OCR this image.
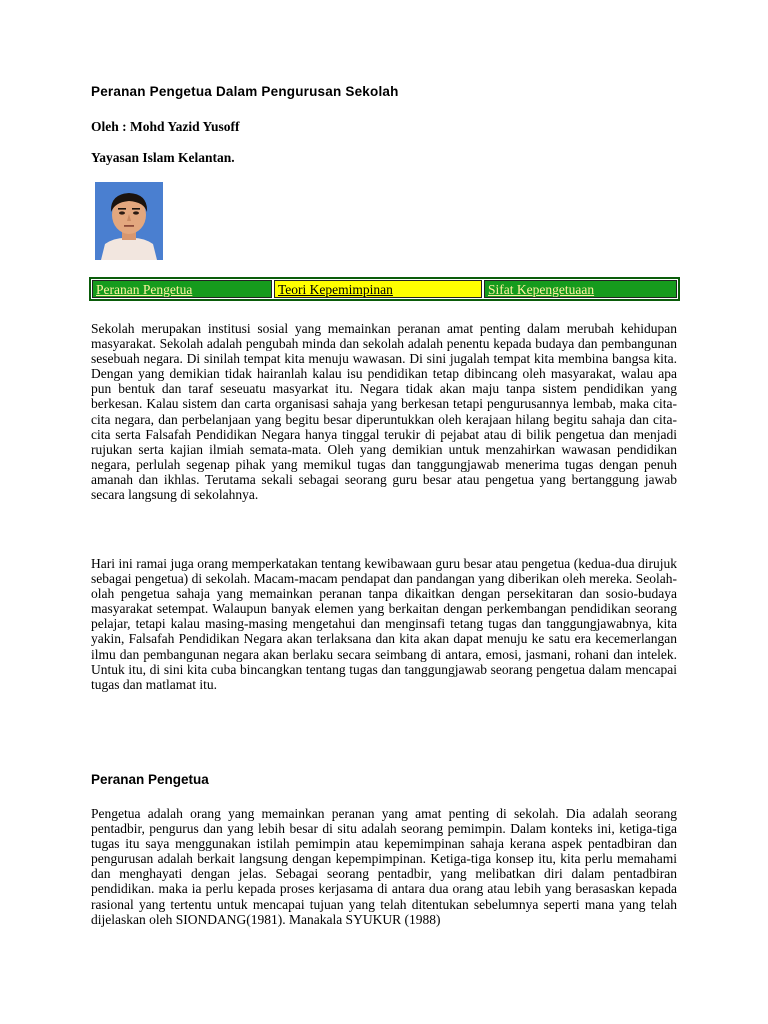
Peranan Pengetua Dalam Pengurusan Sekolah
Oleh : Mohd Yazid Yusoff
Yayasan Islam Kelantan.
Peranan Pengetua	Teori Kepemimpinan	Sifat Kepengetuaan
Sekolah merupakan institusi sosial yang memainkan peranan amat penting dalam merubah kehidupan masyarakat. Sekolah adalah pengubah minda dan sekolah adalah penentu kepada budaya dan pembangunan sesebuah negara. Di sinilah tempat kita menuju wawasan. Di sini jugalah tempat kita membina bangsa kita. Dengan yang demikian tidak hairanlah kalau isu pendidikan tetap dibincang oleh masyarakat, walau apa pun bentuk dan taraf seseuatu masyarkat itu. Negara tidak akan maju tanpa sistem pendidikan yang berkesan. Kalau sistem dan carta organisasi sahaja yang berkesan tetapi pengurusannya lembab, maka cita-cita negara, dan perbelanjaan yang begitu besar diperuntukkan oleh kerajaan hilang begitu sahaja dan cita-cita serta Falsafah Pendidikan Negara hanya tinggal terukir di pejabat atau di bilik pengetua dan menjadi rujukan serta kajian ilmiah semata-mata. Oleh yang demikian untuk menzahirkan wawasan pendidikan negara, perlulah segenap pihak yang memikul tugas dan tanggungjawab menerima tugas dengan penuh amanah dan ikhlas. Terutama sekali sebagai seorang guru besar atau pengetua yang bertanggung jawab secara langsung di sekolahnya.
Hari ini ramai juga orang memperkatakan tentang kewibawaan guru besar atau pengetua (kedua-dua dirujuk sebagai pengetua) di sekolah. Macam-macam pendapat dan pandangan yang diberikan oleh mereka. Seolah-olah pengetua sahaja yang memainkan peranan tanpa dikaitkan dengan persekitaran dan sosio-budaya masyarakat setempat. Walaupun banyak elemen yang berkaitan dengan perkembangan pendidikan seorang pelajar, tetapi kalau masing-masing mengetahui dan menginsafi tetang tugas dan tanggungjawabnya, kita yakin, Falsafah Pendidikan Negara akan terlaksana dan kita akan dapat menuju ke satu era kecemerlangan ilmu dan pembangunan negara akan berlaku secara seimbang di antara, emosi, jasmani, rohani dan intelek. Untuk itu, di sini kita cuba bincangkan tentang tugas dan tanggungjawab seorang pengetua dalam mencapai tugas dan matlamat itu.
Peranan Pengetua
Pengetua adalah orang yang memainkan peranan yang amat penting di sekolah. Dia adalah seorang pentadbir, pengurus dan yang lebih besar di situ adalah seorang pemimpin. Dalam konteks ini, ketiga-tiga tugas itu saya menggunakan istilah pemimpin atau kepemimpinan sahaja kerana aspek pentadbiran dan pengurusan adalah berkait langsung dengan kepempimpinan. Ketiga-tiga konsep itu, kita perlu memahami dan menghayati dengan jelas. Sebagai seorang pentadbir, yang melibatkan diri dalam pentadbiran pendidikan. maka ia perlu kepada proses kerjasama di antara dua orang atau lebih yang berasaskan kepada rasional yang tertentu untuk mencapai tujuan yang telah ditentukan sebelumnya seperti mana yang telah dijelaskan oleh SIONDANG(1981). Manakala SYUKUR (1988)
